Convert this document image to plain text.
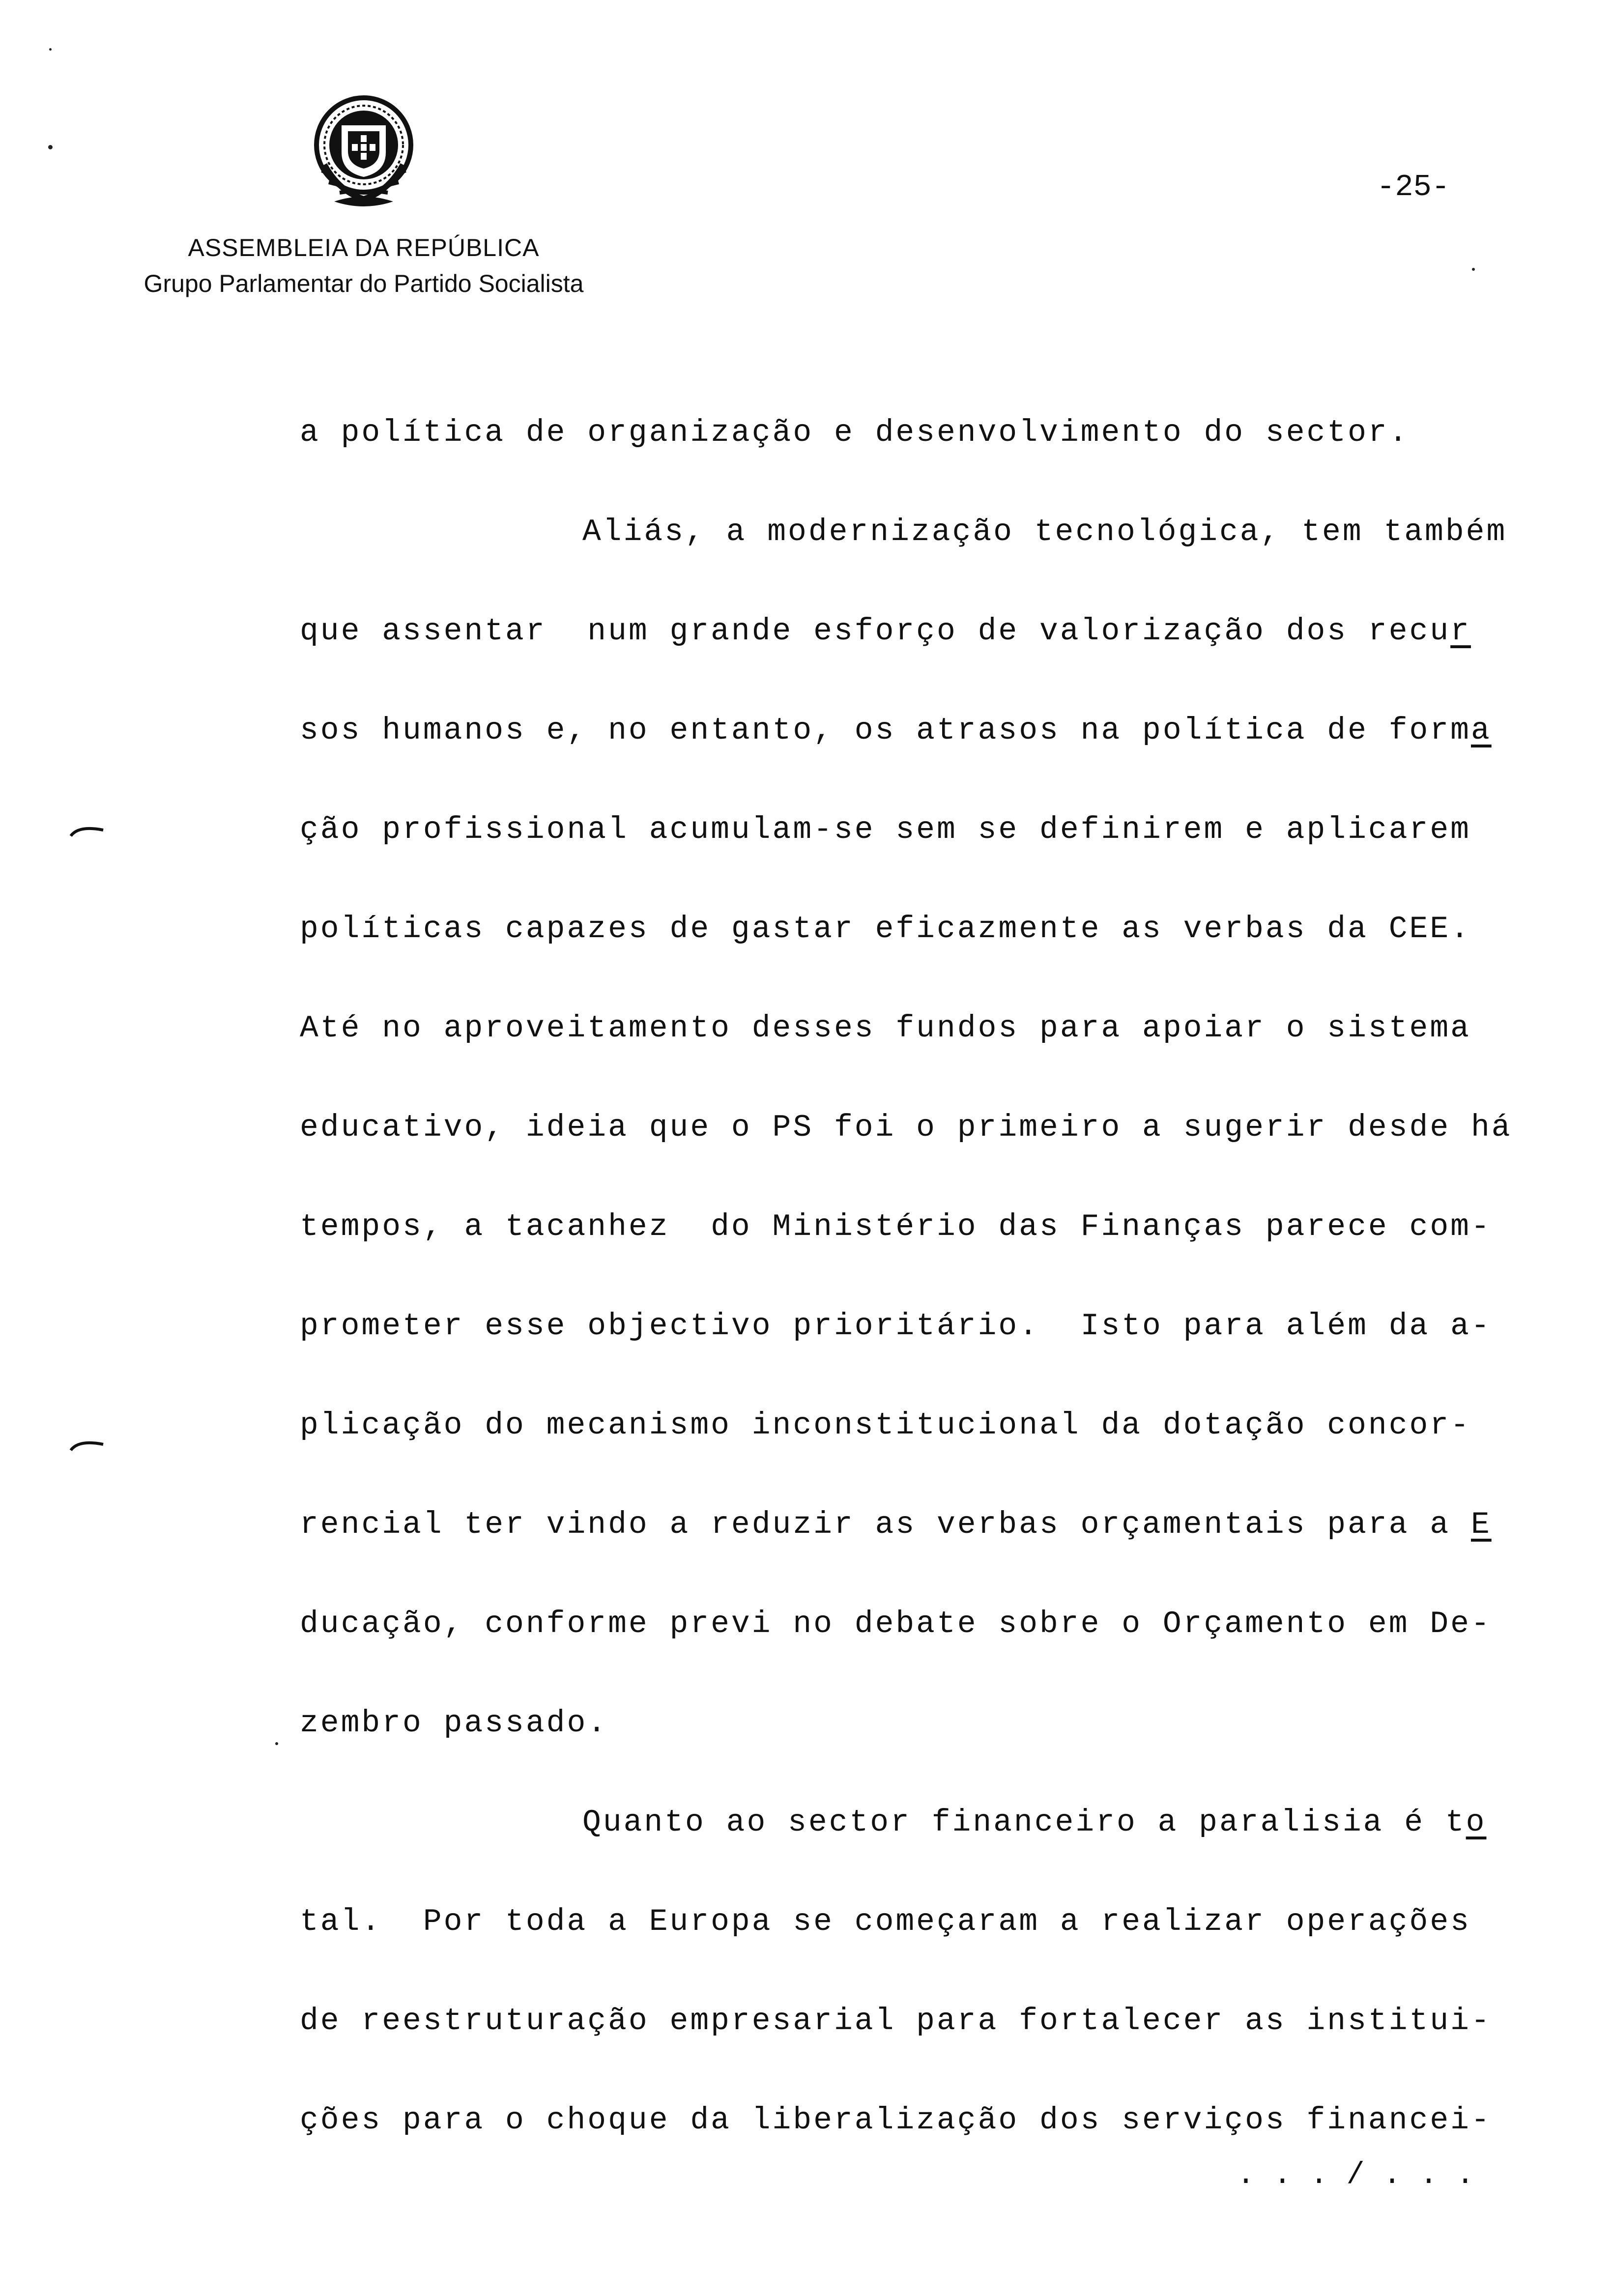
ASSEMBLEIA DA REPÚBLICA
Grupo Parlamentar do Partido Socialista
-25-
a política de organização e desenvolvimento do sector.
Aliás, a modernização tecnológica, tem também
que assentar  num grande esforço de valorização dos recur
sos humanos e, no entanto, os atrasos na política de forma
ção profissional acumulam-se sem se definirem e aplicarem
políticas capazes de gastar eficazmente as verbas da CEE.
Até no aproveitamento desses fundos para apoiar o sistema
educativo, ideia que o PS foi o primeiro a sugerir desde há
tempos, a tacanhez  do Ministério das Finanças parece com-
prometer esse objectivo prioritário.  Isto para além da a-
plicação do mecanismo inconstitucional da dotação concor-
rencial ter vindo a reduzir as verbas orçamentais para a E
ducação, conforme previ no debate sobre o Orçamento em De-
zembro passado.
Quanto ao sector financeiro a paralisia é to
tal.  Por toda a Europa se começaram a realizar operações
de reestruturação empresarial para fortalecer as institui-
ções para o choque da liberalização dos serviços financei-
. . . / . . .
